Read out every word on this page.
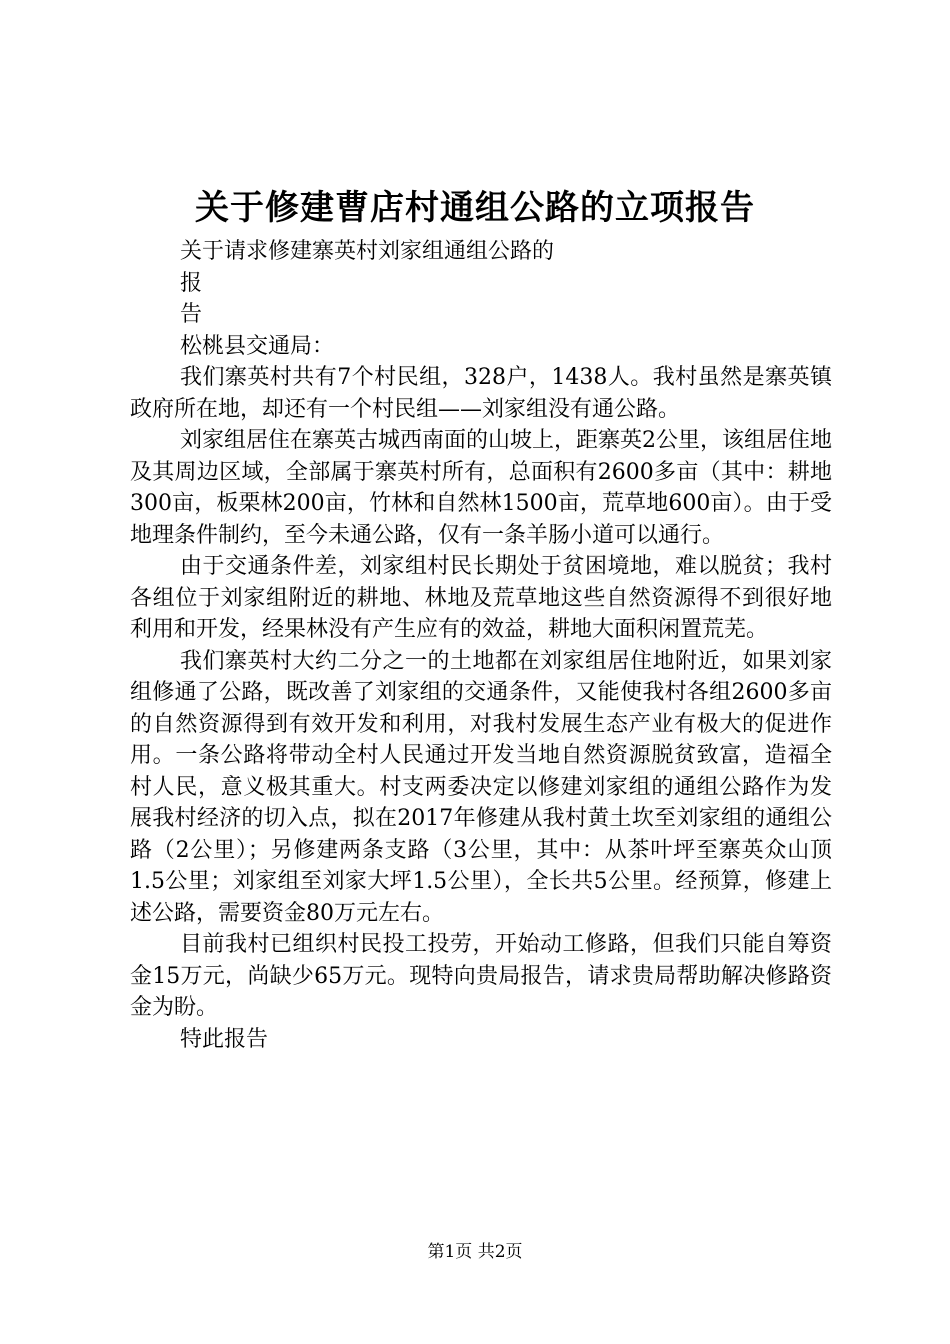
关于修建曹店村通组公路的立项报告

关于请求修建寨英村刘家组通组公路的

报

告

松桃县交通局：

我们寨英村共有7个村民组，328户，1438人。我村虽然是寨英镇政府所在地，却还有一个村民组——刘家组没有通公路。

刘家组居住在寨英古城西南面的山坡上，距寨英2公里，该组居住地及其周边区域，全部属于寨英村所有，总面积有2600多亩（其中：耕地300亩，板栗林200亩，竹林和自然林1500亩，荒草地600亩）。由于受地理条件制约，至今未通公路，仅有一条羊肠小道可以通行。

由于交通条件差，刘家组村民长期处于贫困境地，难以脱贫；我村各组位于刘家组附近的耕地、林地及荒草地这些自然资源得不到很好地利用和开发，经果林没有产生应有的效益，耕地大面积闲置荒芜。

我们寨英村大约二分之一的土地都在刘家组居住地附近，如果刘家组修通了公路，既改善了刘家组的交通条件，又能使我村各组2600多亩的自然资源得到有效开发和利用，对我村发展生态产业有极大的促进作用。一条公路将带动全村人民通过开发当地自然资源脱贫致富，造福全村人民，意义极其重大。村支两委决定以修建刘家组的通组公路作为发展我村经济的切入点，拟在2017年修建从我村黄土坎至刘家组的通组公路（2公里）；另修建两条支路（3公里，其中：从茶叶坪至寨英众山顶1.5公里；刘家组至刘家大坪1.5公里），全长共5公里。经预算，修建上述公路，需要资金80万元左右。

目前我村已组织村民投工投劳，开始动工修路，但我们只能自筹资金15万元，尚缺少65万元。现特向贵局报告，请求贵局帮助解决修路资金为盼。

特此报告

第1页 共2页
